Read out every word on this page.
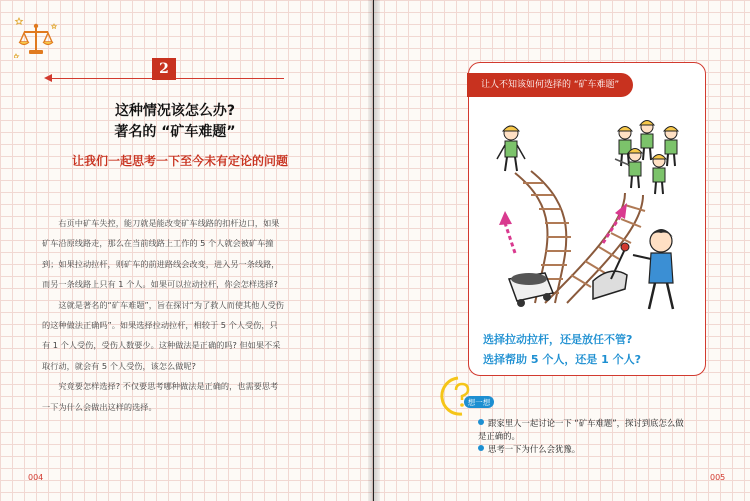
2
这种情况该怎么办?
著名的 “矿车难题”
让我们一起思考一下至今未有定论的问题

右页中矿车失控，能刀就是能改变矿车线路的扣杆边口，如果矿车沿原线路走，那么在当前线路上工作的 5 个人就会被矿车撞到；如果拉动拉杆，则矿车的前进路线会改变，进入另一条线路，而另一条线路上只有 1 个人。如果可以拉动拉杆，你会怎样选择?

这就是著名的“矿车难题”，旨在探讨“为了救人而使其他人受伤的这种做法正确吗”。如果选择拉动拉杆，相较于 5 个人受伤，只有 1 个人受伤，受伤人数要少。这种做法是正确的吗? 但如果不采取行动，就会有 5 个人受伤，该怎么做呢?

究竟要怎样选择? 不仅要思考哪种做法是正确的，也需要思考一下为什么会做出这样的选择。

004
让人不知该如何选择的 “矿车难题”
选择拉动拉杆，还是放任不管?
选择帮助 5 个人，还是 1 个人?
想一想
跟家里人一起讨论一下 “矿车难题”，探讨到底怎么做
是正确的。
思考一下为什么会犹豫。
005
